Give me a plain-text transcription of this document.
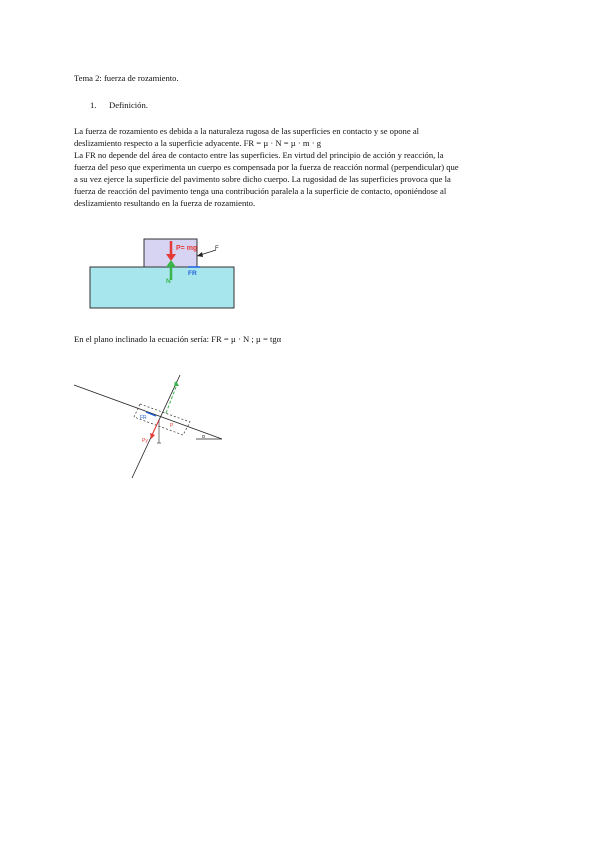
Tema 2: fuerza de rozamiento.
1. Definición.
La fuerza de rozamiento es debida a la naturaleza rugosa de las superficies en contacto y se opone al
deslizamiento respecto a la superficie adyacente. FR = µ · N = µ · m · g
La FR no depende del área de contacto entre las superficies. En virtud del principio de acción y reacción, la
fuerza del peso que experimenta un cuerpo es compensada por la fuerza de reacción normal (perpendicular) que
a su vez ejerce la superficie del pavimento sobre dicho cuerpo. La rugosidad de las superficies provoca que la
fuerza de reacción del pavimento tenga una contribución paralela a la superficie de contacto, oponiéndose al
deslizamiento resultando en la fuerza de rozamiento.
P= mg	F
N
FR
En el plano inclinado la ecuación sería: FR = µ · N ; µ = tgα
α
N
FR
Py
P
